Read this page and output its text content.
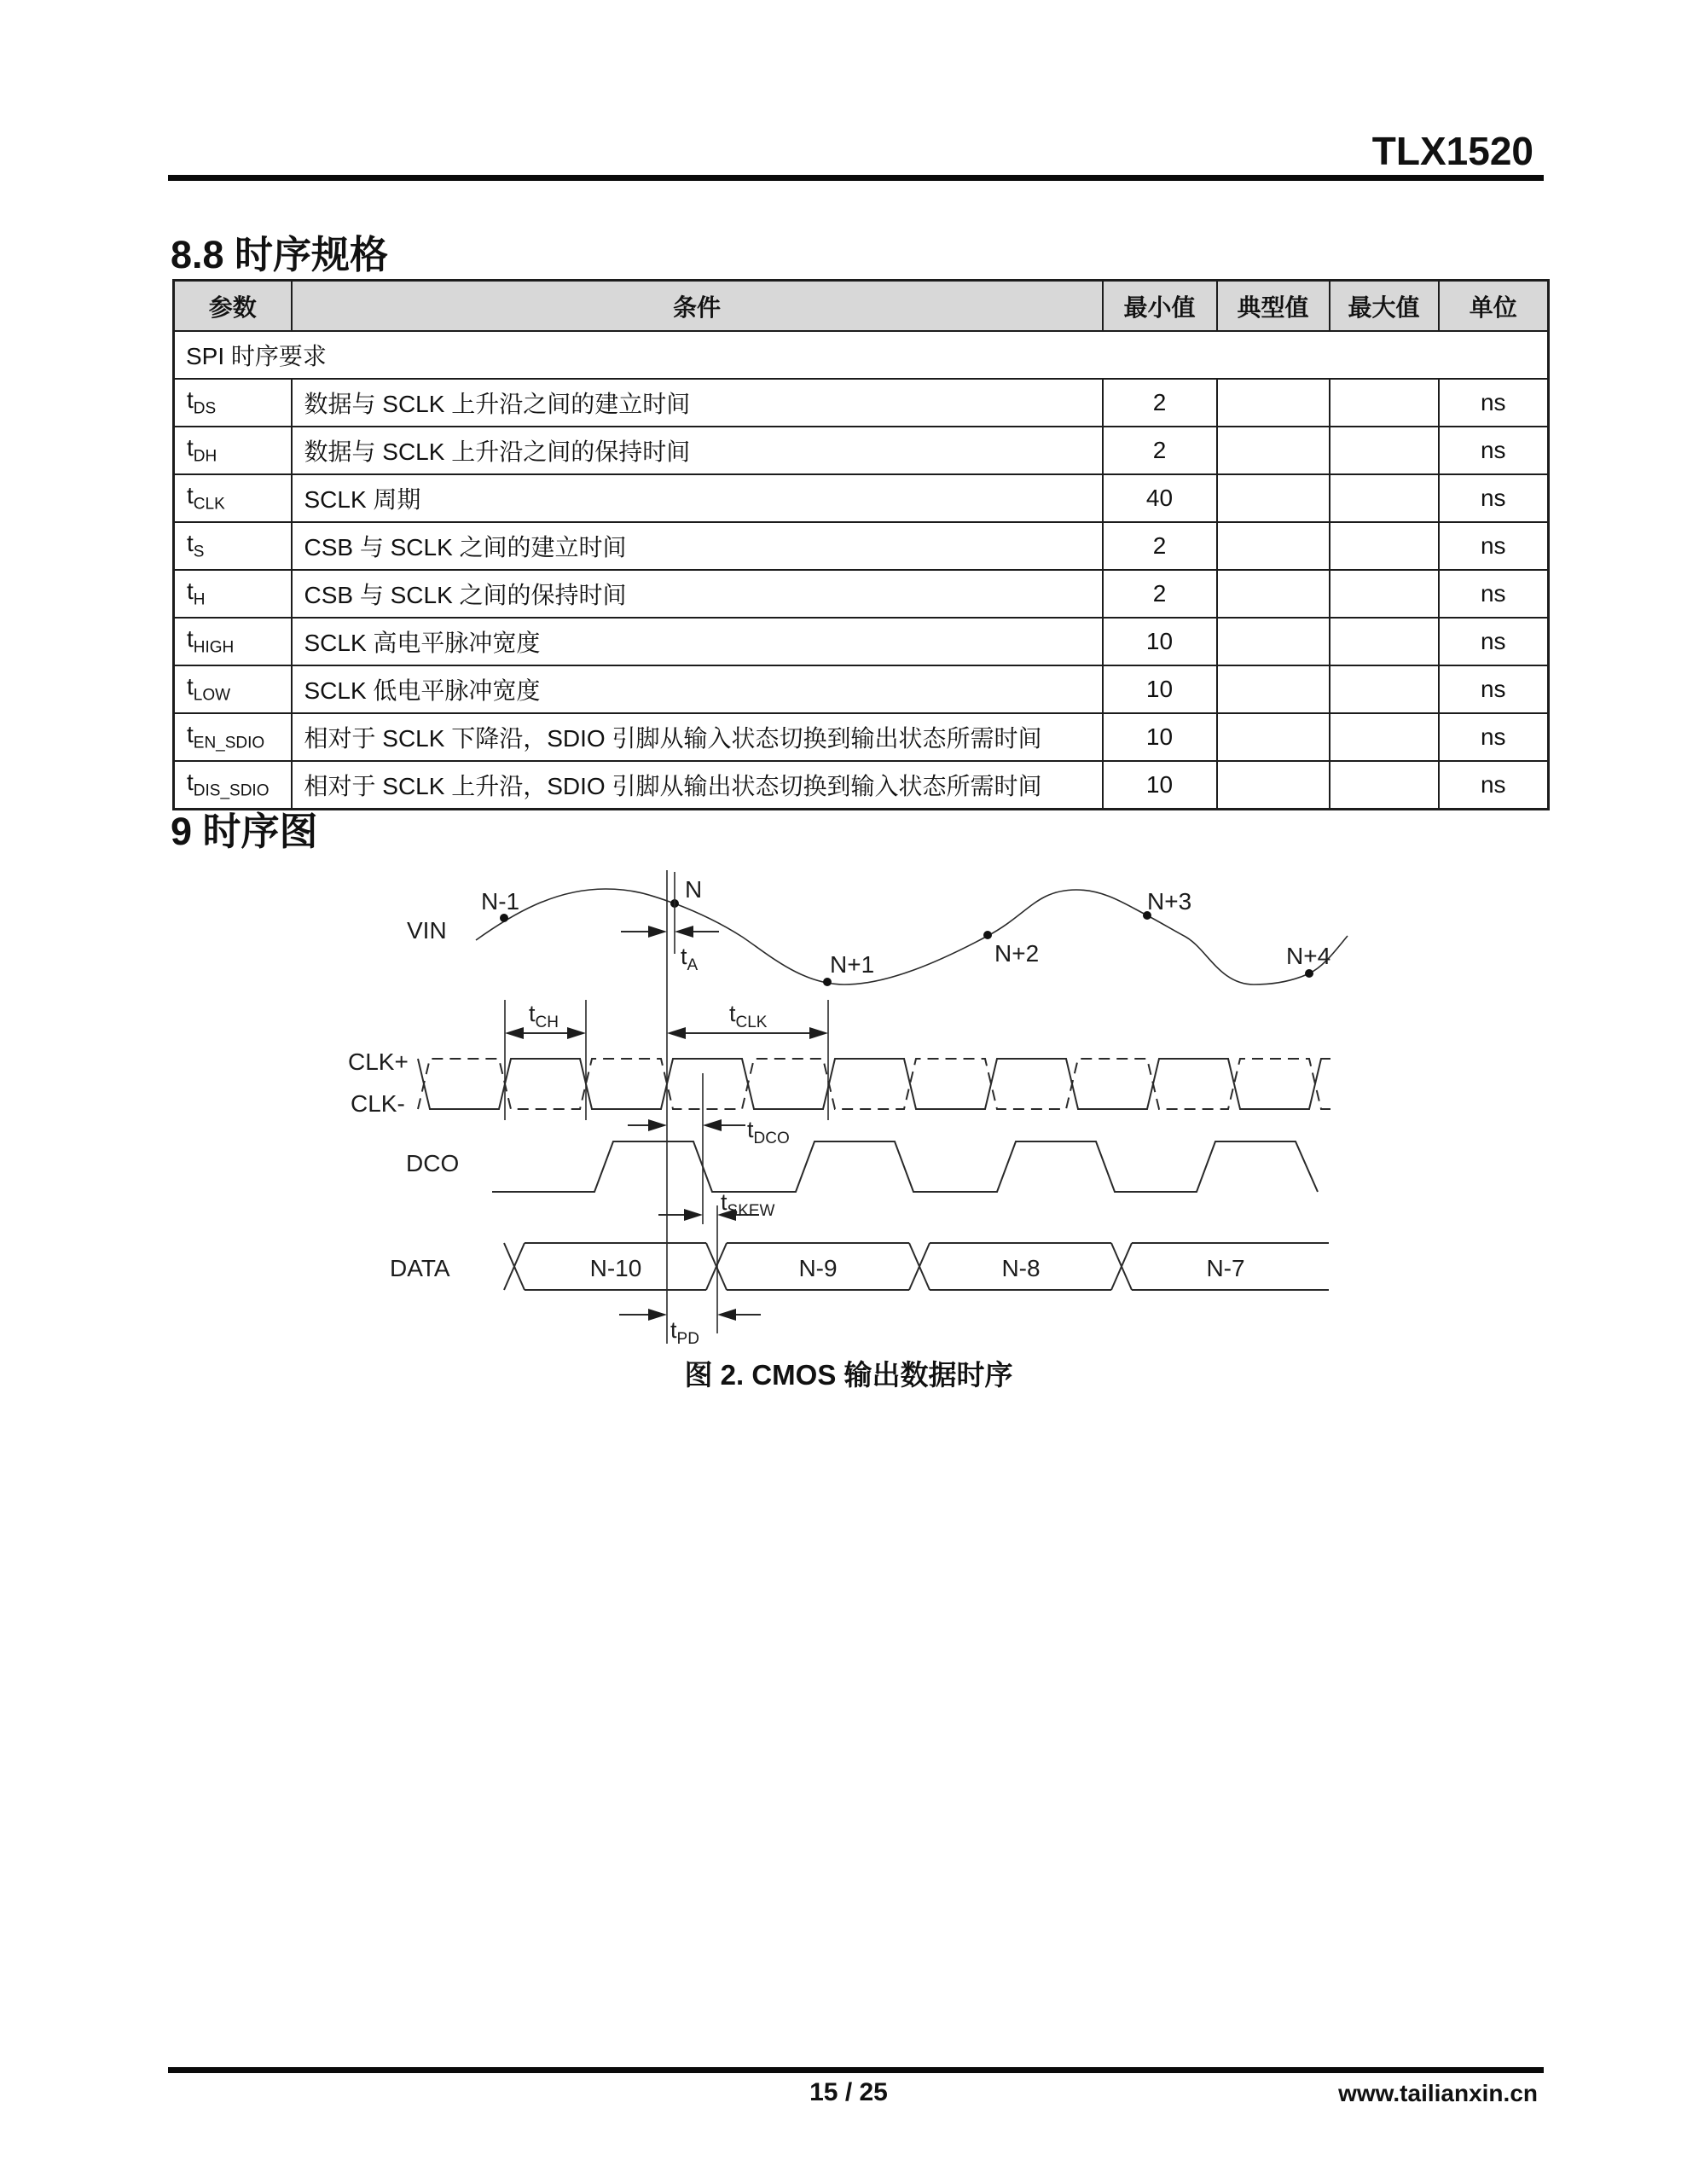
TLX1520
8.8 时序规格
参数	条件	最小值	典型值	最大值	单位
SPI 时序要求					
$t_{DS}$	数据与 SCLK 上升沿之间的建立时间	2			ns
$t_{DH}$	数据与 SCLK 上升沿之间的保持时间	2			ns
$t_{CLK}$	SCLK 周期	40			ns
$t_S$	CSB 与 SCLK 之间的建立时间	2			ns
$t_H$	CSB 与 SCLK 之间的保持时间	2			ns
$t_{HIGH}$	SCLK 高电平脉冲宽度	10			ns
$t_{LOW}$	SCLK 低电平脉冲宽度	10			ns
$t_{EN\_SDIO}$	相对于 SCLK 下降沿，SDIO 引脚从输入状态切换到输出状态所需时间	10			ns
$t_{DIS\_SDIO}$	相对于 SCLK 上升沿，SDIO 引脚从输出状态切换到输入状态所需时间	10			ns
9 时序图
VIN
N-1	N
N+1	N+2
N+3
N+4
tA
tCH	tCLK
CLK+
CLK-
tDCO
DCO
tSKEW
DATA	N-10	N-9	N-8	N-7
tPD
图 2. CMOS 输出数据时序
15 / 25	www.tailianxin.cn
